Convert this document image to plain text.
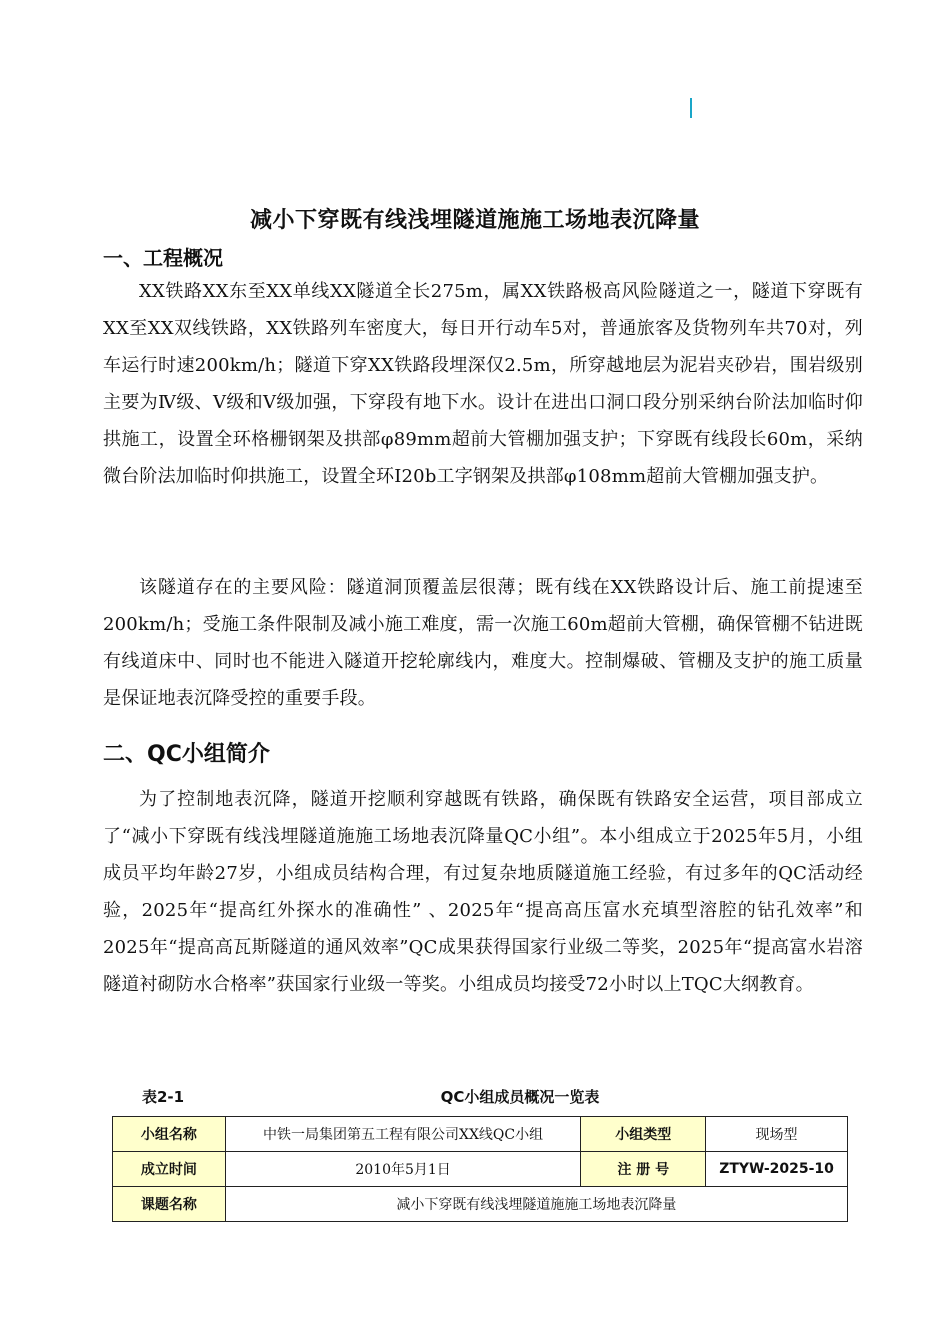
减小下穿既有线浅埋隧道施施工场地表沉降量
一、工程概况

XX铁路XX东至XX单线XX隧道全长275m，属XX铁路极高风险隧道之一，隧道下穿既有XX至XX双线铁路，XX铁路列车密度大，每日开行动车5对，普通旅客及货物列车共70对，列车运行时速200km/h；隧道下穿XX铁路段埋深仅2.5m，所穿越地层为泥岩夹砂岩，围岩级别主要为Ⅳ级、Ⅴ级和Ⅴ级加强，下穿段有地下水。设计在进出口洞口段分别采纳台阶法加临时仰拱施工，设置全环格栅钢架及拱部φ89mm超前大管棚加强支护；下穿既有线段长60m，采纳微台阶法加临时仰拱施工，设置全环I20b工字钢架及拱部φ108mm超前大管棚加强支护。

该隧道存在的主要风险：隧道洞顶覆盖层很薄；既有线在XX铁路设计后、施工前提速至200km/h；受施工条件限制及减小施工难度，需一次施工60m超前大管棚，确保管棚不钻进既有线道床中、同时也不能进入隧道开挖轮廓线内，难度大。控制爆破、管棚及支护的施工质量是保证地表沉降受控的重要手段。

二、QC小组简介

为了控制地表沉降，隧道开挖顺利穿越既有铁路，确保既有铁路安全运营，项目部成立了“减小下穿既有线浅埋隧道施施工场地表沉降量QC小组”。本小组成立于2025年5月，小组成员平均年龄27岁，小组成员结构合理，有过复杂地质隧道施工经验，有过多年的QC活动经验，2025年“提高红外探水的准确性” 、2025年“提高高压富水充填型溶腔的钻孔效率”和 2025年“提高高瓦斯隧道的通风效率”QC成果获得国家行业级二等奖，2025年“提高富水岩溶隧道衬砌防水合格率”获国家行业级一等奖。小组成员均接受72小时以上TQC大纲教育。

表2-1	QC小组成员概况一览表
小组名称	中铁一局集团第五工程有限公司XX线QC小组	小组类型	现场型
成立时间	2010年5月1日	注 册 号	ZTYW-2025-10
课题名称	减小下穿既有线浅埋隧道施施工场地表沉降量		
